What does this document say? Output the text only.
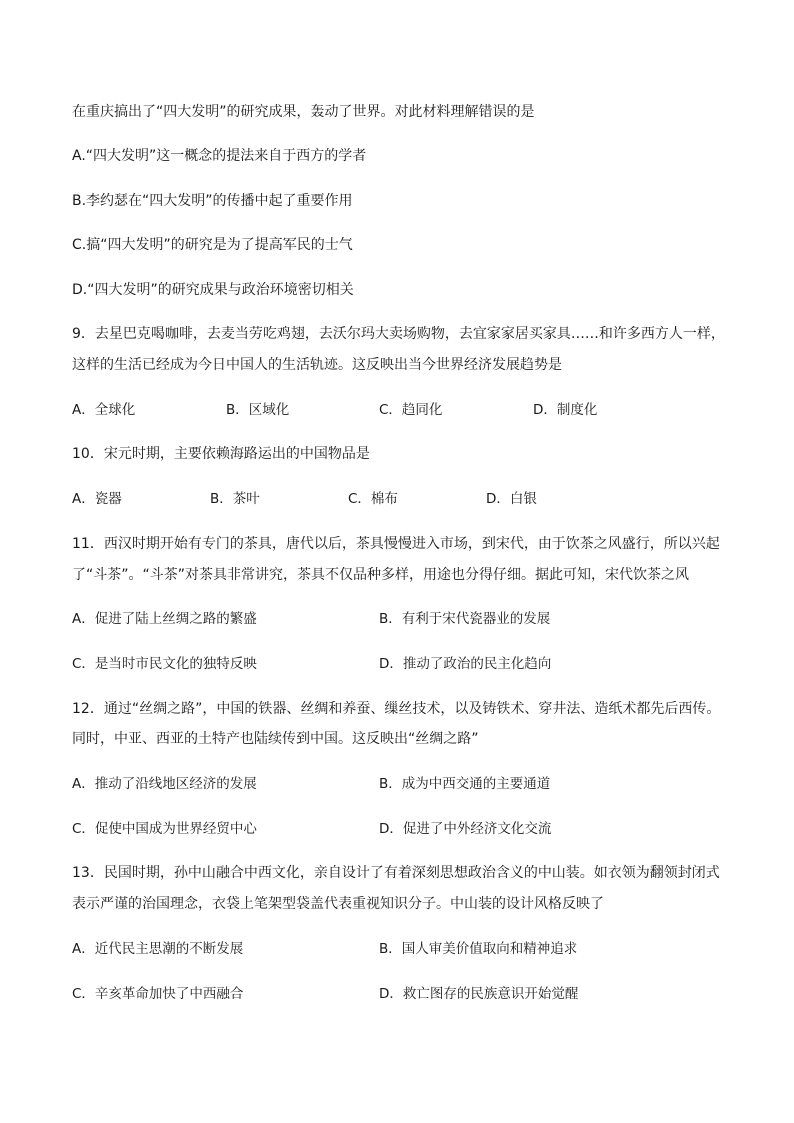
在重庆搞出了“四大发明”的研究成果，轰动了世界。对此材料理解错误的是
A.“四大发明”这一概念的提法来自于西方的学者
B.李约瑟在“四大发明”的传播中起了重要作用
C.搞“四大发明”的研究是为了提高军民的士气
D.“四大发明”的研究成果与政治环境密切相关
9．去星巴克喝咖啡，去麦当劳吃鸡翅，去沃尔玛大卖场购物，去宜家家居买家具……和许多西方人一样，
这样的生活已经成为今日中国人的生活轨迹。这反映出当今世界经济发展趋势是
A．全球化	B．区域化	C．趋同化	D．制度化
10．宋元时期，主要依赖海路运出的中国物品是
A．瓷器	B．茶叶	C．棉布	D．白银
11．西汉时期开始有专门的茶具，唐代以后，茶具慢慢进入市场，到宋代，由于饮茶之风盛行，所以兴起
了“斗茶”。“斗茶”对茶具非常讲究，茶具不仅品种多样，用途也分得仔细。据此可知，宋代饮茶之风
A．促进了陆上丝绸之路的繁盛	B．有利于宋代瓷器业的发展
C．是当时市民文化的独特反映	D．推动了政治的民主化趋向
12．通过“丝绸之路”，中国的铁器、丝绸和养蚕、缫丝技术，以及铸铁术、穿井法、造纸术都先后西传。
同时，中亚、西亚的土特产也陆续传到中国。这反映出“丝绸之路”
A．推动了沿线地区经济的发展	B．成为中西交通的主要通道
C．促使中国成为世界经贸中心	D．促进了中外经济文化交流
13．民国时期，孙中山融合中西文化，亲自设计了有着深刻思想政治含义的中山装。如衣领为翻领封闭式
表示严谨的治国理念，衣袋上笔架型袋盖代表重视知识分子。中山装的设计风格反映了
A．近代民主思潮的不断发展	B．国人审美价值取向和精神追求
C．辛亥革命加快了中西融合	D．救亡图存的民族意识开始觉醒
